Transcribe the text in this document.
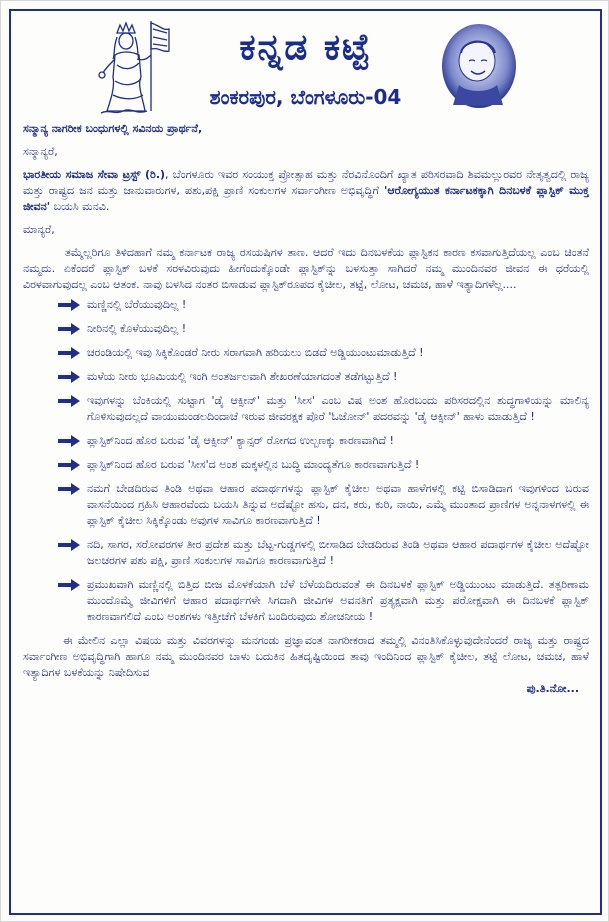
ಕನ್ನಡ ಕಟ್ಟೆ
ಶಂಕರಪುರ, ಬೆಂಗಳೂರು-04

ಸನ್ಮಾನ್ಯ ನಾಗರೀಕ ಬಂಧುಗಳಲ್ಲಿ ಸವಿನಯ ಪ್ರಾರ್ಥನೆ,

ಸನ್ಮಾನ್ಯರೆ,

ಭಾರತೀಯ ಸಮಾಜ ಸೇವಾ ಟ್ರಸ್ಟ್ (ರಿ.), ಬೆಂಗಳೂರು ಇವರ ಸಂಯುಕ್ತ ಪ್ರೋತ್ಸಾಹ ಮತ್ತು ನೆರವಿನೊಂದಿಗೆ ಖ್ಯಾತ ಪರಿಸರವಾದಿ ಶಿವಮಲ್ಲುರವರ ನೇತೃತ್ವದಲ್ಲಿ ರಾಜ್ಯ ಮತ್ತು ರಾಷ್ಟ್ರದ ಜನ ಮತ್ತು ಜಾನುವಾರುಗಳ, ಪಶು,ಪಕ್ಷಿ ಪ್ರಾಣಿ ಸಂಕುಲಗಳ ಸರ್ವಾಂಗೀಣ ಅಭಿವೃದ್ಧಿಗೆ 'ಆರೋಗ್ಯಯುತ ಕರ್ನಾಟಕಕ್ಕಾಗಿ ದಿನಬಳಕೆ ಪ್ಲಾಸ್ಟಿಕ್ ಮುಕ್ತ ಜೀವನ' ಬಯಸಿ ಮನವಿ.

ಮಾನ್ಯರೆ,

ತಮ್ಮೆಲ್ಲರಿಗೂ ತಿಳಿದಹಾಗೆ ನಮ್ಮ ಕರ್ನಾಟಕ ರಾಜ್ಯ ರಸಯಷಿಗಳ ತಾಣ. ಆದರೆ ಇದು ದಿನಬಳಕೆಯ ಪ್ಲಾಸ್ಟಿಕನ ಕಾರಣ ಕಸವಾಗುತ್ತಿದೆಯಲ್ಲ ಎಂಬ ಚಿಂತನೆ ನಮ್ಮದು. ಏಕೆಂದರೆ ಪ್ಲಾಸ್ಟಿಕ್ ಬಳಕೆ ಸರಳವಿರುವುದು ಹೀಗೆಂದುಕ್ಕೊಂಡೇ ಪ್ಲಾಸ್ಟಿಕ್‌ನ್ನು ಬಳಸುತ್ತಾ ಸಾಗಿದರೆ ನಮ್ಮ ಮುಂದಿನವರ ಜೀವನ ಈ ಧರೆಯಲ್ಲಿ ವಿರಳವಾಗುವುದಲ್ಲ ಎಂಬ ಆತಂಕ. ನಾವು ಬಳಸಿದ ನಂತರ ಬಿಸಾಡುವ ಪ್ಲಾಸ್ಟಿಕ್‌ರೂಪದ ಕೈಚೀಲ, ತಟ್ಟೆ, ಲೋಟ, ಚಮಚ, ಹಾಳೆ ಇತ್ಯಾದಿಗಳೆಲ್ಲ....

ಮಣ್ಣಿನಲ್ಲಿ ಬೆರೆಯುವುದಿಲ್ಲ !
ನೀರಿನಲ್ಲಿ ಕೊಳೆಯುವುದಿಲ್ಲ !
ಚರಂಡಿಯಲ್ಲಿ ಇವು ಸಿಕ್ಕಿಕೊಂಡರೆ ನೀರು ಸರಾಗವಾಗಿ ಹರಿಯಲು ಬಿಡದೆ ಅಡ್ಡಿಯುಂಟುಮಾಡುತ್ತಿದೆ !
ಮಳೆಯ ನೀರು ಭೂಮಿಯಲ್ಲಿ ಇಂಗಿ ಅಂತರ್ಜಲವಾಗಿ ಶೇಖರಣೆಯಾಗದಂತೆ ತಡೆಗಟ್ಟುತ್ತಿದೆ !
ಇವುಗಳನ್ನು ಬೆಂಕಿಯಲ್ಲಿ ಸುಟ್ಟಾಗ 'ಡೈ ಆಕ್ಸೀನ್' ಮತ್ತು 'ಸೀಸ' ಎಂಬ ವಿಷ ಅಂಶ ಹೊರಬಂದು ಪರಿಸರದಲ್ಲಿನ ಶುದ್ಧಗಾಳಿಯನ್ನು ಮಾಲಿನ್ಯ ಗೊಳಿಸುವುದಲ್ಲದೆ ವಾಯುಮಂಡಲದಿಂದಾಚೆ ಇರುವ ಜೀವರಕ್ಷಕ ಪೊರೆ 'ಓಜೋನ್' ಪದರವನ್ನು 'ಡೈ ಆಕ್ಸೀನ್' ಹಾಳು ಮಾಡುತ್ತಿದೆ !
ಪ್ಲಾಸ್ಟಿಕ್‌ನಿಂದ ಹೊರ ಬರುವ 'ಡೈ ಆಕ್ಸೀನ್' ಕ್ಯಾನ್ಸರ್ ರೋಗದ ಉಲ್ಬಣಕ್ಕು ಕಾರಣವಾಗಿದೆ !
ಪ್ಲಾಸ್ಟಿಕ್‌ನಿಂದ ಹೊರ ಬರುವ 'ಸೀಸ'ದ ಅಂಶ ಮಕ್ಕಳಲ್ಲಿನ ಬುದ್ಧಿ ಮಾಂದ್ಯತೆಗೂ ಕಾರಣವಾಗುತ್ತಿದೆ !
ನಮಗೆ ಬೇಡದಿರುವ ತಿಂಡಿ ಅಥವಾ ಆಹಾರ ಪದಾರ್ಥಗಳನ್ನು ಪ್ಲಾಸ್ಟಿಕ್ ಕೈಚೀಲ ಅಥವಾ ಹಾಳೆಗಳಲ್ಲಿ ಕಟ್ಟಿ ಬಿಸಾಡಿದಾಗ ಇವುಗಳಿಂದ ಬರುವ ವಾಸನೆಯಿಂದ ಗ್ರಹಿಸಿ ಆಹಾರವೆಂದು ಬಯಸಿ ತಿನ್ನುವ ಅದೆಷ್ಟೋ ಹಸು, ದನ, ಕರು, ಕುರಿ, ನಾಯಿ, ಎಮ್ಮೆ ಮುಂತಾದ ಪ್ರಾಣಿಗಳ ಅನ್ನನಾಳಗಳಲ್ಲಿ ಈ ಪ್ಲಾಸ್ಟಿಕ್ ಕೈಚೀಲ ಸಿಕ್ಕಿಕ್ಕೊಂಡು ಅವುಗಳ ಸಾವಿಗೂ ಕಾರಣವಾಗುತ್ತಿದೆ !
ನದಿ, ಸಾಗರ, ಸರೋವರಗಳ ತೀರ ಪ್ರದೇಶ ಮತ್ತು ಬೆಟ್ಟ-ಗುಡ್ಡಗಳಲ್ಲಿ ಬೀಸಾಡಿದ ಬೇಡದಿರುವ ತಿಂಡಿ ಅಥವಾ ಆಹಾರ ಪದಾರ್ಥಗಳ ಕೈಚೀಲ ಅದೆಷ್ಟೋ ಜಲಚರಗಳ ಪಶು ಪಕ್ಷಿ, ಪ್ರಾಣಿ ಸಂಕುಲಗಳ ಸಾವಿಗೂ ಕಾರಣವಾಗುತ್ತಿದೆ !
ಪ್ರಮುಖವಾಗಿ ಮಣ್ಣಿನಲ್ಲಿ ಬಿತ್ತಿದ ಬೀಜ ಮೊಳಕೆಯಾಗಿ ಬೆಳೆ ಬೆಳೆಯದಿರುವಂತೆ ಈ ದಿನಬಳಕೆ ಪ್ಲಾಸ್ಟಿಕ್ ಅಡ್ಡಿಯುಂಟು ಮಾಡುತ್ತಿದೆ. ತತ್ಪರಿಣಾಮ ಮುಂದೊಮ್ಮೆ ಜೀವಿಗಳಿಗೆ ಆಹಾರ ಪದಾರ್ಥಗಳೇ ಸಿಗದಾಗಿ ಜೀವಿಗಳ ಅವನತಿಗೆ ಪ್ರತ್ಯಕ್ಷವಾಗಿ ಮತ್ತು ಪರೋಕ್ಷವಾಗಿ ಈ ದಿನಬಳಕೆ ಪ್ಲಾಸ್ಟಿಕ್ ಕಾರಣವಾಗಲಿದೆ ಎಂಬ ಅಂಶಗಳು ಇತ್ತೀಚೆಗೆ ಬೆಳಕಿಗೆ ಬಂದಿರುವುದು ಶೋಚನೀಯ !

ಈ ಮೇಲಿನ ಎಲ್ಲಾ ವಿಷಯ ಮತ್ತು ವಿವರಗಳನ್ನು ಮನಗಂಡು ಪ್ರಜ್ಞಾವಂತ ನಾಗರೀಕರಾದ ತಮ್ಮಲ್ಲಿ ವಿನಂತಿಸಿಕೊಳ್ಳುವುದೇನೆಂದರೆ ರಾಜ್ಯ ಮತ್ತು ರಾಷ್ಟ್ರದ ಸರ್ವಾಂಗೀಣ ಅಭಿವೃದ್ಧಿಗಾಗಿ ಹಾಗೂ ನಮ್ಮ ಮುಂದಿನವರ ಬಾಳು ಬದುಕಿನ ಹಿತದೃಷ್ಟಿಯಿಂದ ತಾವು ಇಂದಿನಿಂದ ಪ್ಲಾಸ್ಟಿಕ್ ಕೈಚೀಲ, ತಟ್ಟೆ ಲೋಟ, ಚಮಚ, ಹಾಳೆ ಇತ್ಯಾದಿಗಳ ಬಳಕೆಯನ್ನು ನಿಷೇದಿಸುವ

ಪು.ತಿ.ನೋ...
